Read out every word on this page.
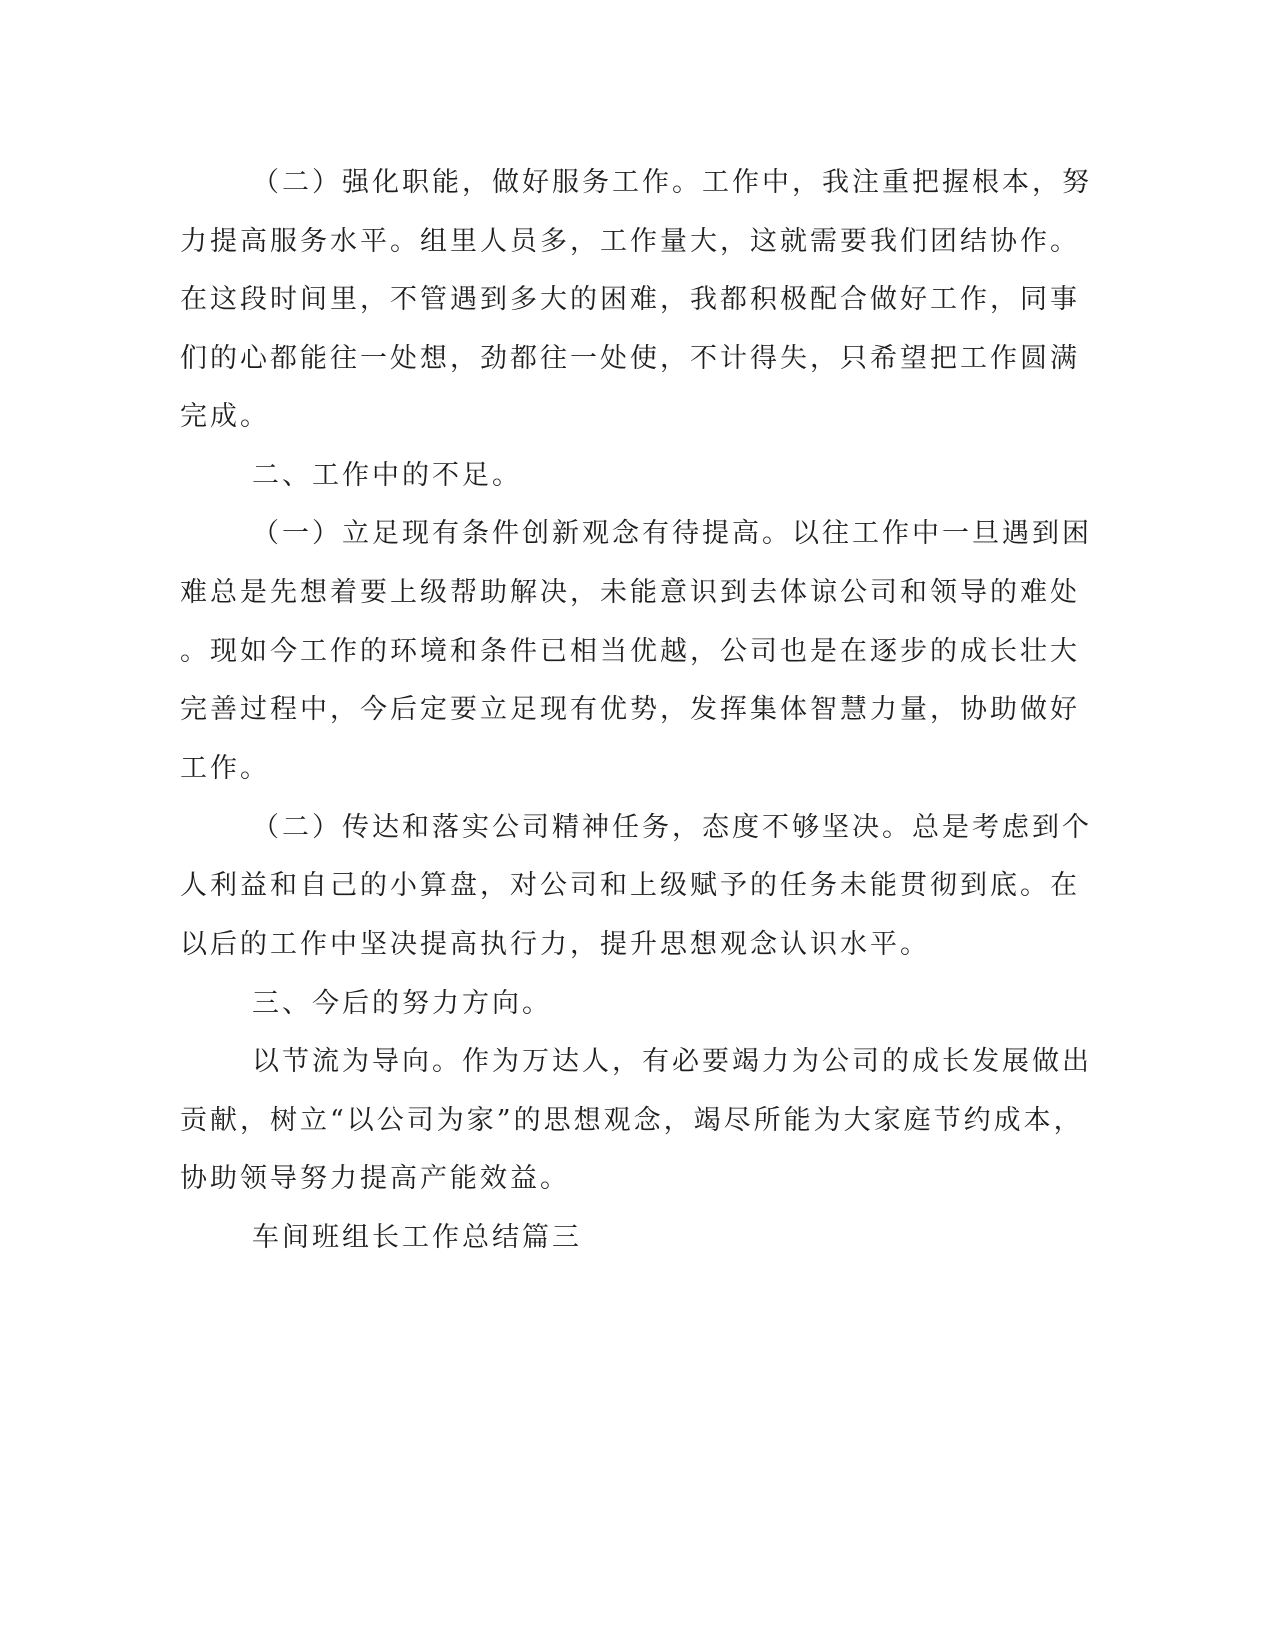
（二）强化职能，做好服务工作。工作中，我注重把握根本，努
力提高服务水平。组里人员多，工作量大，这就需要我们团结协作。
在这段时间里，不管遇到多大的困难，我都积极配合做好工作，同事
们的心都能往一处想，劲都往一处使，不计得失，只希望把工作圆满
完成。
二、工作中的不足。
（一）立足现有条件创新观念有待提高。以往工作中一旦遇到困
难总是先想着要上级帮助解决，未能意识到去体谅公司和领导的难处
。现如今工作的环境和条件已相当优越，公司也是在逐步的成长壮大
完善过程中，今后定要立足现有优势，发挥集体智慧力量，协助做好
工作。
（二）传达和落实公司精神任务，态度不够坚决。总是考虑到个
人利益和自己的小算盘，对公司和上级赋予的任务未能贯彻到底。在
以后的工作中坚决提高执行力，提升思想观念认识水平。
三、今后的努力方向。
以节流为导向。作为万达人，有必要竭力为公司的成长发展做出
贡献，树立“以公司为家”的思想观念，竭尽所能为大家庭节约成本，
协助领导努力提高产能效益。
车间班组长工作总结篇三
